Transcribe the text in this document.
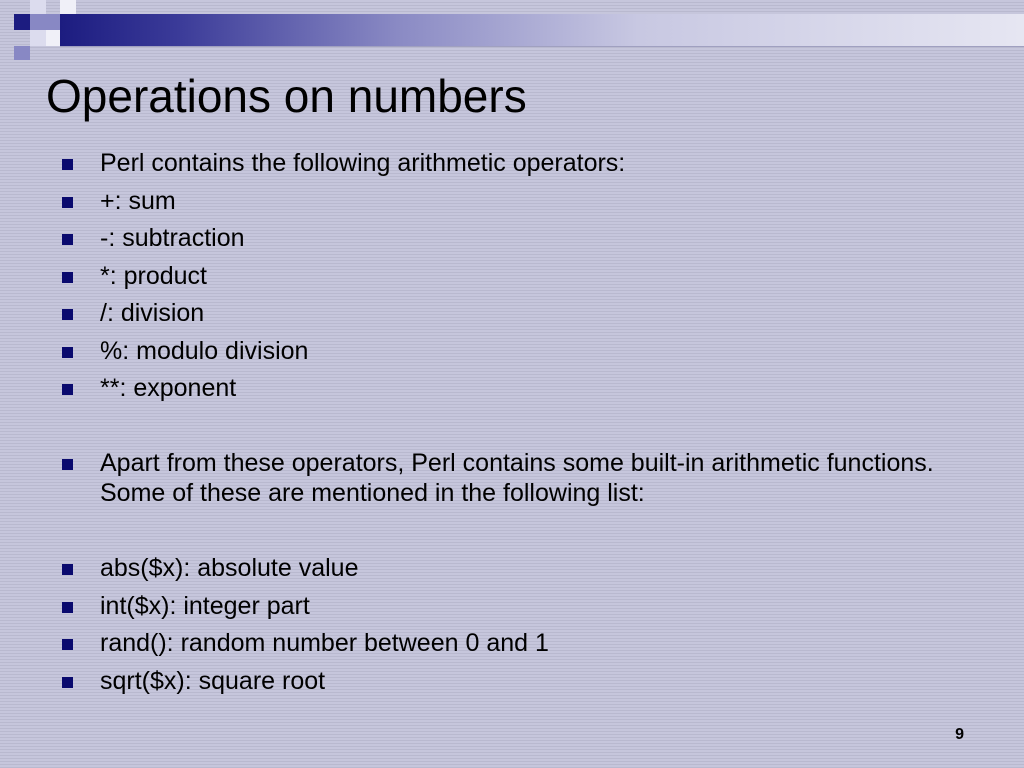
Operations on numbers
Perl contains the following arithmetic operators:
+: sum
-: subtraction
*: product
/: division
%: modulo division
**: exponent
Apart from these operators, Perl contains some built-in arithmetic functions. Some of these are mentioned in the following list:
abs($x): absolute value
int($x): integer part
rand(): random number between 0 and 1
sqrt($x): square root
9
